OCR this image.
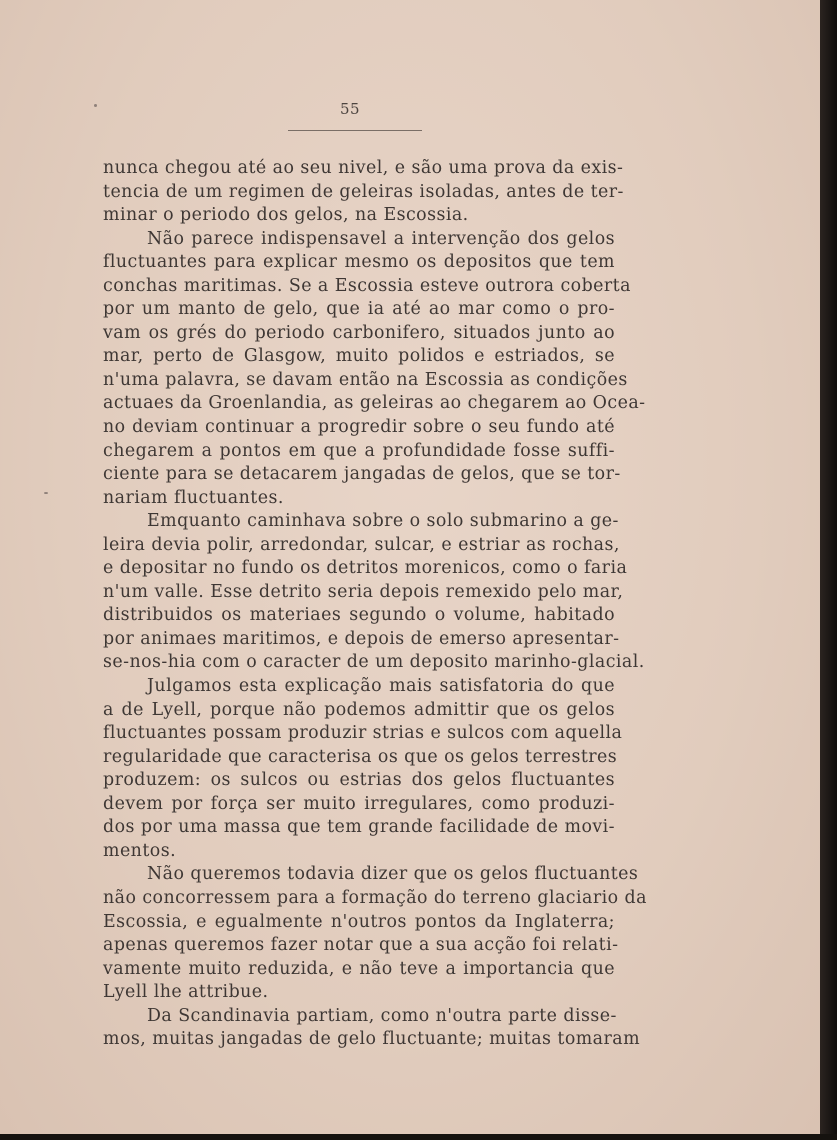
55
nunca chegou até ao seu nivel, e são uma prova da exis-
tencia de um regimen de geleiras isoladas, antes de ter-
minar o periodo dos gelos, na Escossia.
Não parece indispensavel a intervenção dos gelos
fluctuantes para explicar mesmo os depositos que tem
conchas maritimas. Se a Escossia esteve outrora coberta
por um manto de gelo, que ia até ao mar como o pro-
vam os grés do periodo carbonifero, situados junto ao
mar, perto de Glasgow, muito polidos e estriados, se
n'uma palavra, se davam então na Escossia as condições
actuaes da Groenlandia, as geleiras ao chegarem ao Ocea-
no deviam continuar a progredir sobre o seu fundo até
chegarem a pontos em que a profundidade fosse suffi-
ciente para se detacarem jangadas de gelos, que se tor-
nariam fluctuantes.
Emquanto caminhava sobre o solo submarino a ge-
leira devia polir, arredondar, sulcar, e estriar as rochas,
e depositar no fundo os detritos morenicos, como o faria
n'um valle. Esse detrito seria depois remexido pelo mar,
distribuidos os materiaes segundo o volume, habitado
por animaes maritimos, e depois de emerso apresentar-
se-nos-hia com o caracter de um deposito marinho-glacial.
Julgamos esta explicação mais satisfatoria do que
a de Lyell, porque não podemos admittir que os gelos
fluctuantes possam produzir strias e sulcos com aquella
regularidade que caracterisa os que os gelos terrestres
produzem: os sulcos ou estrias dos gelos fluctuantes
devem por força ser muito irregulares, como produzi-
dos por uma massa que tem grande facilidade de movi-
mentos.
Não queremos todavia dizer que os gelos fluctuantes
não concorressem para a formação do terreno glaciario da
Escossia, e egualmente n'outros pontos da Inglaterra;
apenas queremos fazer notar que a sua acção foi relati-
vamente muito reduzida, e não teve a importancia que
Lyell lhe attribue.
Da Scandinavia partiam, como n'outra parte disse-
mos, muitas jangadas de gelo fluctuante; muitas tomaram
